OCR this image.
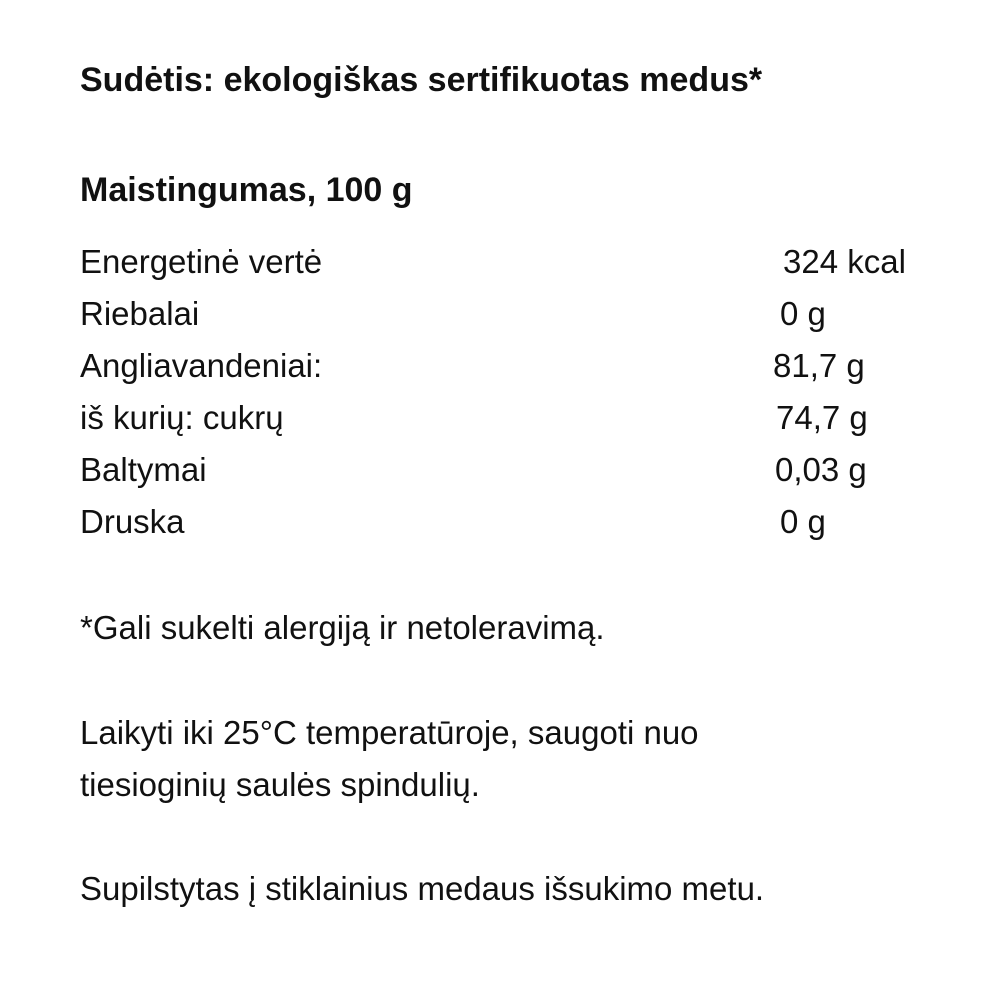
Sudėtis: ekologiškas sertifikuotas medus*
Maistingumas, 100 g
Energetinė vertė	324 kcal
Riebalai	0 g
Angliavandeniai:	81,7 g
iš kurių: cukrų	74,7 g
Baltymai	0,03 g
Druska	0 g

*Gali sukelti alergiją ir netoleravimą.

Laikyti iki 25°C temperatūroje, saugoti nuo
tiesioginių saulės spindulių.

Supilstytas į stiklainius medaus išsukimo metu.
